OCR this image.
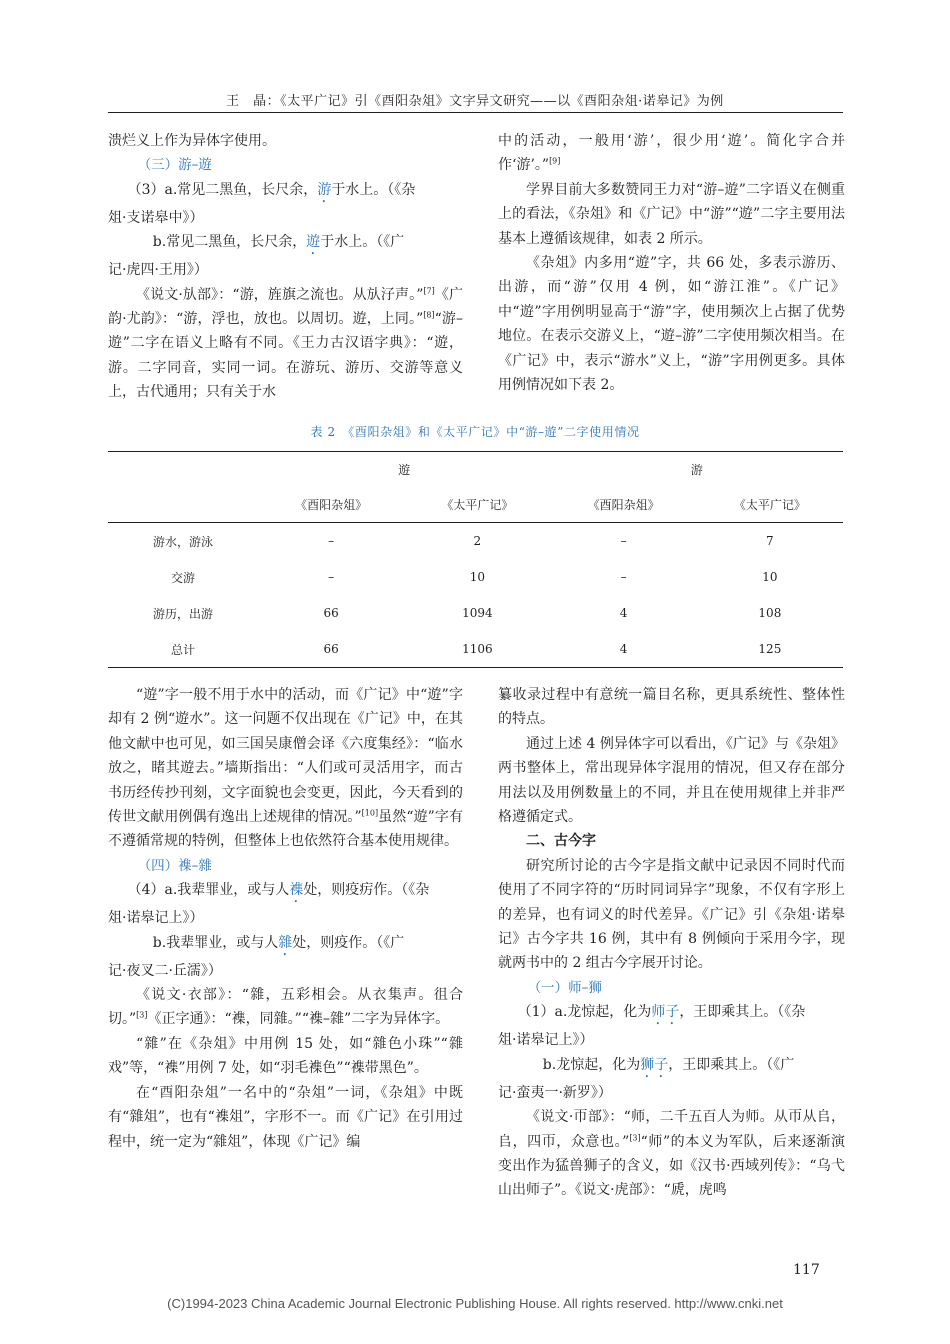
王　晶：《太平广记》引《酉阳杂俎》文字异文研究——以《酉阳杂俎·诺皋记》为例

溃烂义上作为异体字使用。

（三）游–遊

（3）a.常见二黑鱼，长尺余，游于水上。（《杂

俎·支诺皋中》）

b.常见二黑鱼，长尺余，遊于水上。（《广

记·虎四·王用》）

《说文·㫃部》：“游，旌旗之流也。从㫃汓声。”[7]《广韵·尤韵》：“游，浮也，放也。以周切。遊，上同。”[8]“游–遊”二字在语义上略有不同。《王力古汉语字典》：“遊，游。二字同音，实同一词。在游玩、游历、交游等意义上，古代通用；只有关于水

中的活动，一般用‘游’，很少用‘遊’。简化字合并作‘游’。”[9]

学界目前大多数赞同王力对“游–遊”二字语义在侧重上的看法，《杂俎》和《广记》中“游”“遊”二字主要用法基本上遵循该规律，如表 2 所示。

《杂俎》内多用“遊”字，共 66 处，多表示游历、出游，而“游”仅用 4 例，如“游江淮”。《广记》中“遊”字用例明显高于“游”字，使用频次上占据了优势地位。在表示交游义上，“遊–游”二字使用频次相当。在《广记》中，表示“游水”义上，“游”字用例更多。具体用例情况如下表 2。

表 2　《酉阳杂俎》和《太平广记》中“游–遊”二字使用情况
	遊		游	
	《酉阳杂俎》	《太平广记》	《酉阳杂俎》	《太平广记》
游水，游泳	–	2	–	7
交游	–	10	–	10
游历，出游	66	1094	4	108
总计	66	1106	4	125

“遊”字一般不用于水中的活动，而《广记》中“遊”字却有 2 例“遊水”。这一问题不仅出现在《广记》中，在其他文献中也可见，如三国吴康僧会译《六度集经》：“临水放之，睹其遊去。”墙斯指出：“人们或可灵活用字，而古书历经传抄刊刻，文字面貌也会变更，因此，今天看到的传世文献用例偶有逸出上述规律的情况。”[10]虽然“遊”字有不遵循常规的特例，但整体上也依然符合基本使用规律。

（四）襍–雜

（4）a.我辈罪业，或与人襍处，则疫疠作。（《杂

俎·诺皋记上》）

b.我辈罪业，或与人雜处，则疫作。（《广

记·夜叉二·丘濡》）

《说文·衣部》：“雜，五彩相会。从衣集声。徂合切。”[3]《正字通》：“襍，同雜。”“襍–雜”二字为异体字。

“雜”在《杂俎》中用例 15 处，如“雜色小珠”“雜戏”等，“襍”用例 7 处，如“羽毛襍色”“襍带黑色”。

在“酉阳杂俎”一名中的“杂俎”一词，《杂俎》中既有“雜俎”，也有“襍俎”，字形不一。而《广记》在引用过程中，统一定为“雜俎”，体现《广记》编

纂收录过程中有意统一篇目名称，更具系统性、整体性的特点。

通过上述 4 例异体字可以看出，《广记》与《杂俎》两书整体上，常出现异体字混用的情况，但又存在部分用法以及用例数量上的不同，并且在使用规律上并非严格遵循定式。

二、古今字

研究所讨论的古今字是指文献中记录因不同时代而使用了不同字符的“历时同词异字”现象，不仅有字形上的差异，也有词义的时代差异。《广记》引《杂俎·诺皋记》古今字共 16 例，其中有 8 例倾向于采用今字，现就两书中的 2 组古今字展开讨论。

（一）师–狮

（1）a.龙惊起，化为师子，王即乘其上。（《杂

俎·诺皋记上》）

b.龙惊起，化为狮子，王即乘其上。（《广

记·蛮夷一·新罗》）

《说文·帀部》：“师，二千五百人为师。从帀从𠂤，𠂤，四帀，众意也。”[3]“师”的本义为军队，后来逐渐演变出作为猛兽狮子的含义，如《汉书·西域列传》：“乌弋山出师子”。《说文·虎部》：“虒，虎鸣

117
(C)1994-2023 China Academic Journal Electronic Publishing House. All rights reserved. http://www.cnki.net
